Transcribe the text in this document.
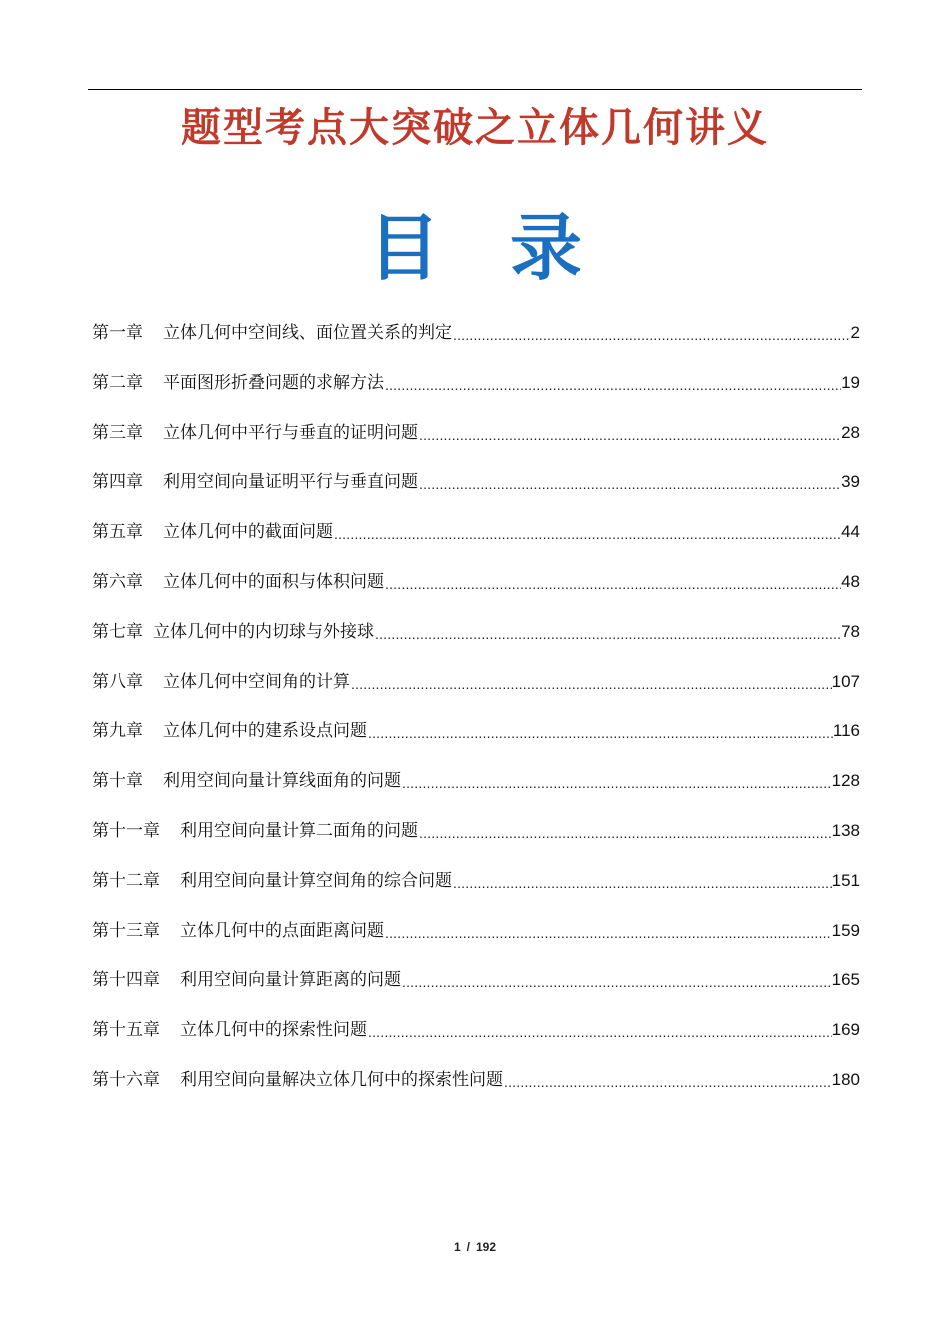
题型考点大突破之立体几何讲义
目 录
第一章 立体几何中空间线、面位置关系的判定 .....	2
第二章 平面图形折叠问题的求解方法 .....	19
第三章 立体几何中平行与垂直的证明问题 .....	28
第四章 利用空间向量证明平行与垂直问题 .....	39
第五章 立体几何中的截面问题 .....	44
第六章 立体几何中的面积与体积问题 .....	48
第七章 立体几何中的内切球与外接球 .....	78
第八章 立体几何中空间角的计算 .....	107
第九章 立体几何中的建系设点问题 .....	116
第十章 利用空间向量计算线面角的问题 .....	128
第十一章 利用空间向量计算二面角的问题 .....	138
第十二章 利用空间向量计算空间角的综合问题 .....	151
第十三章 立体几何中的点面距离问题 .....	159
第十四章 利用空间向量计算距离的问题 .....	165
第十五章 立体几何中的探索性问题 .....	169
第十六章 利用空间向量解决立体几何中的探索性问题 .....	180
1 / 192
